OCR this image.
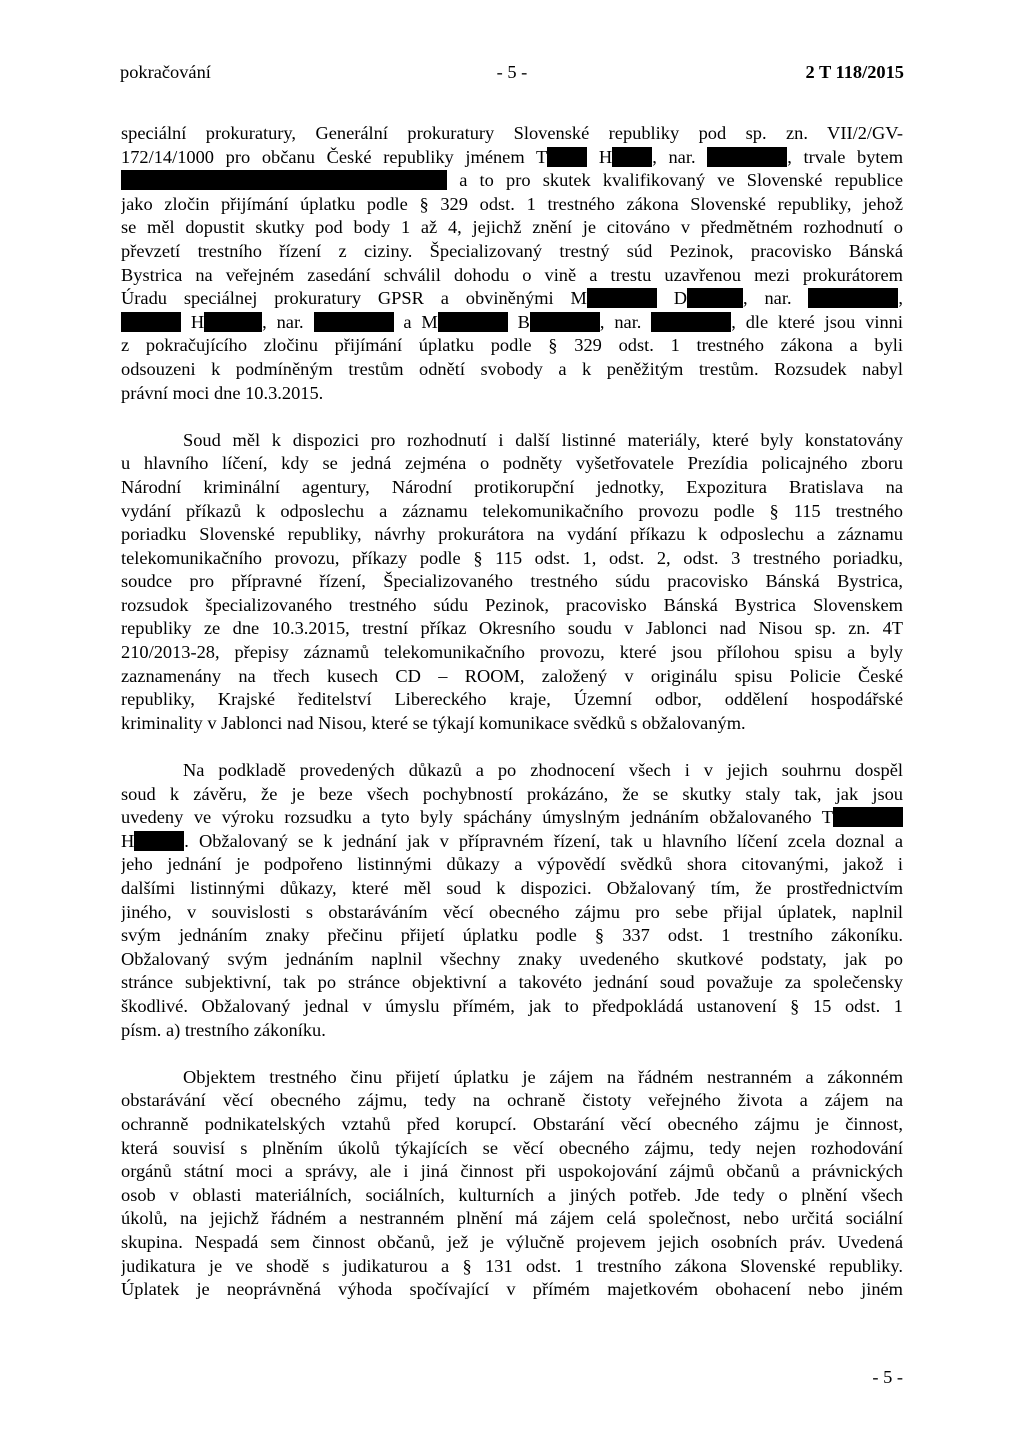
pokračování	- 5 -	2 T 118/2015
speciální prokuratury, Generální prokuratury Slovenské republiky pod sp. zn. VII/2/GV-
172/14/1000 pro občanu České republiky jménem T	H , nar.	, trvale bytem
a to pro skutek kvalifikovaný ve Slovenské republice
jako zločin přijímání úplatku podle § 329 odst. 1 trestného zákona Slovenské republiky, jehož
se měl dopustit skutky pod body 1 až 4, jejichž znění je citováno v předmětném rozhodnutí o
převzetí trestního řízení z ciziny. Špecializovaný trestný súd Pezinok, pracovisko Bánská
Bystrica na veřejném zasedání schválil dohodu o vině a trestu uzavřenou mezi prokurátorem
Úradu speciálnej prokuratury GPSR a obviněnými M	D	, nar.	,
H	, nar.	a M	B	, nar.	, dle které jsou vinni
z pokračujícího zločinu přijímání úplatku podle § 329 odst. 1 trestného zákona a byli
odsouzeni k podmíněným trestům odnětí svobody a k peněžitým trestům. Rozsudek nabyl
právní moci dne 10.3.2015.
Soud měl k dispozici pro rozhodnutí i další listinné materiály, které byly konstatovány
u hlavního líčení, kdy se jedná zejména o podněty vyšetřovatele Prezídia policajného zboru
Národní kriminální agentury, Národní protikorupční jednotky, Expozitura Bratislava na
vydání příkazů k odposlechu a záznamu telekomunikačního provozu podle § 115 trestného
poriadku Slovenské republiky, návrhy prokurátora na vydání příkazu k odposlechu a záznamu
telekomunikačního provozu, příkazy podle § 115 odst. 1, odst. 2, odst. 3 trestného poriadku,
soudce pro přípravné řízení, Špecializovaného trestného súdu pracovisko Bánská Bystrica,
rozsudok špecializovaného trestného súdu Pezinok, pracovisko Bánská Bystrica Slovenskem
republiky ze dne 10.3.2015, trestní příkaz Okresního soudu v Jablonci nad Nisou sp. zn. 4T
210/2013-28, přepisy záznamů telekomunikačního provozu, které jsou přílohou spisu a byly
zaznamenány na třech kusech CD – ROOM, založený v originálu spisu Policie České
republiky, Krajské ředitelství Libereckého kraje, Územní odbor, oddělení hospodářské
kriminality v Jablonci nad Nisou, které se týkají komunikace svědků s obžalovaným.
Na podkladě provedených důkazů a po zhodnocení všech i v jejich souhrnu dospěl
soud k závěru, že je beze všech pochybností prokázáno, že se skutky staly tak, jak jsou
uvedeny ve výroku rozsudku a tyto byly spáchány úmyslným jednáním obžalovaného T
H	. Obžalovaný se k jednání jak v přípravném řízení, tak u hlavního líčení zcela doznal a
jeho jednání je podpořeno listinnými důkazy a výpovědí svědků shora citovanými, jakož i
dalšími listinnými důkazy, které měl soud k dispozici. Obžalovaný tím, že prostřednictvím
jiného, v souvislosti s obstaráváním věcí obecného zájmu pro sebe přijal úplatek, naplnil
svým jednáním znaky přečinu přijetí úplatku podle § 337 odst. 1 trestního zákoníku.
Obžalovaný svým jednáním naplnil všechny znaky uvedeného skutkové podstaty, jak po
stránce subjektivní, tak po stránce objektivní a takovéto jednání soud považuje za společensky
škodlivé. Obžalovaný jednal v úmyslu přímém, jak to předpokládá ustanovení § 15 odst. 1
písm. a) trestního zákoníku.
Objektem trestného činu přijetí úplatku je zájem na řádném nestranném a zákonném
obstarávání věcí obecného zájmu, tedy na ochraně čistoty veřejného života a zájem na
ochranně podnikatelských vztahů před korupcí. Obstarání věcí obecného zájmu je činnost,
která souvisí s plněním úkolů týkajících se věcí obecného zájmu, tedy nejen rozhodování
orgánů státní moci a správy, ale i jiná činnost při uspokojování zájmů občanů a právnických
osob v oblasti materiálních, sociálních, kulturních a jiných potřeb. Jde tedy o plnění všech
úkolů, na jejichž řádném a nestranném plnění má zájem celá společnost, nebo určitá sociální
skupina. Nespadá sem činnost občanů, jež je výlučně projevem jejich osobních práv. Uvedená
judikatura je ve shodě s judikaturou a § 131 odst. 1 trestního zákona Slovenské republiky.
Úplatek je neoprávněná výhoda spočívající v přímém majetkovém obohacení nebo jiném
- 5 -
